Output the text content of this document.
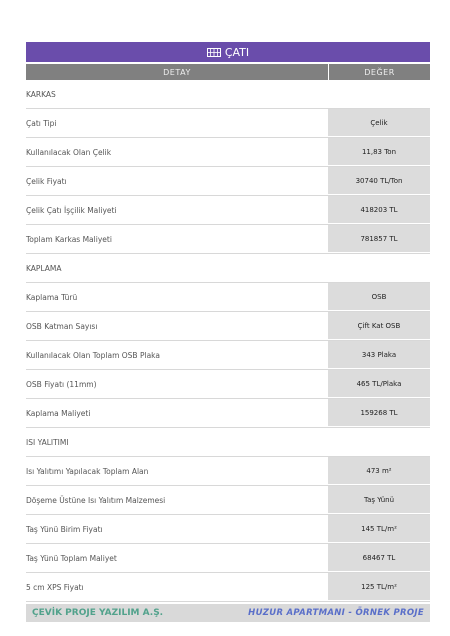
ÇATI
DETAY	DEĞER
KARKAS
Çatı Tipi	Çelik
Kullanılacak Olan Çelik	11,83 Ton
Çelik Fiyatı	30740 TL/Ton
Çelik Çatı İşçilik Maliyeti	418203 TL
Toplam Karkas Maliyeti	781857 TL
KAPLAMA
Kaplama Türü	OSB
OSB Katman Sayısı	Çift Kat OSB
Kullanılacak Olan Toplam OSB Plaka	343 Plaka
OSB Fiyatı (11mm)	465 TL/Plaka
Kaplama Maliyeti	159268 TL
ISI YALITIMI
Isı Yalıtımı Yapılacak Toplam Alan	473 m²
Döşeme Üstüne Isı Yalıtım Malzemesi	Taş Yünü
Taş Yünü Birim Fiyatı	145 TL/m²
Taş Yünü Toplam Maliyet	68467 TL
5 cm XPS Fiyatı	125 TL/m²
ÇEVİK PROJE YAZILIM A.Ş.	HUZUR APARTMANI - ÖRNEK PROJE
